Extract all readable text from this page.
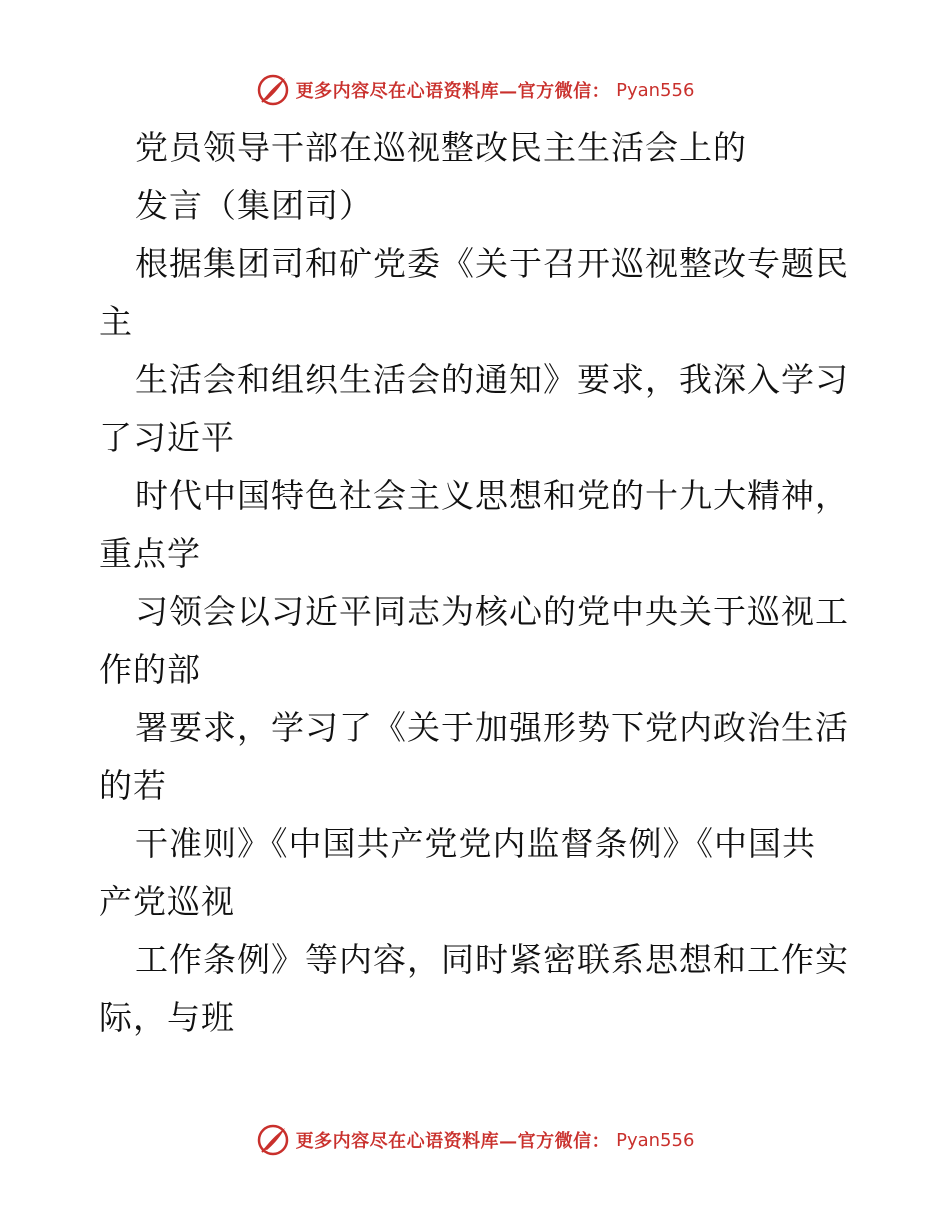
更多内容尽在心语资料库—官方微信： Pyan556
党员领导干部在巡视整改民主生活会上的
发言（集团司）
根据集团司和矿党委《关于召开巡视整改专题民
主
生活会和组织生活会的通知》要求，我深入学习
了习近平
时代中国特色社会主义思想和党的十九大精神，
重点学
习领会以习近平同志为核心的党中央关于巡视工
作的部
署要求，学习了《关于加强形势下党内政治生活
的若
干准则》《中国共产党党内监督条例》《中国共
产党巡视
工作条例》等内容，同时紧密联系思想和工作实
际，与班
更多内容尽在心语资料库—官方微信： Pyan556
